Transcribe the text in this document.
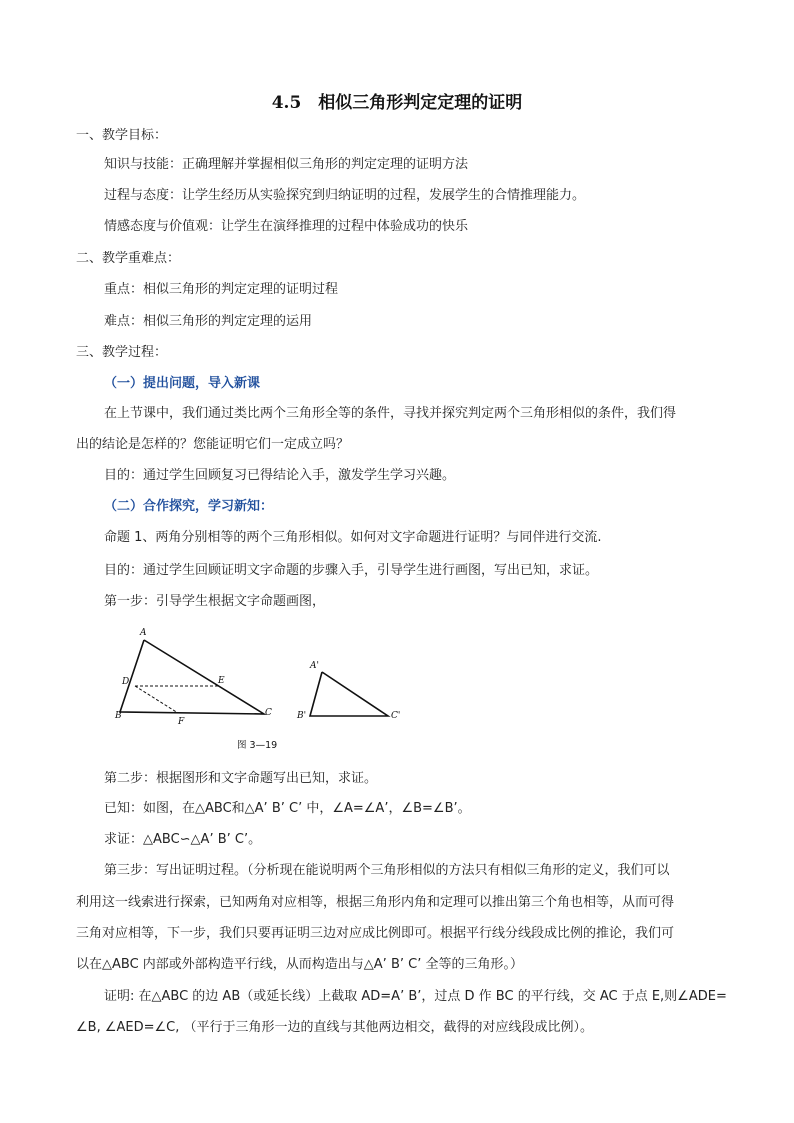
4.5　相似三角形判定定理的证明
一、教学目标：
知识与技能：正确理解并掌握相似三角形的判定定理的证明方法
过程与态度：让学生经历从实验探究到归纳证明的过程，发展学生的合情推理能力。
情感态度与价值观：让学生在演绎推理的过程中体验成功的快乐
二、教学重难点：
重点：相似三角形的判定定理的证明过程
难点：相似三角形的判定定理的运用
三、教学过程：
（一）提出问题，导入新课
在上节课中，我们通过类比两个三角形全等的条件，寻找并探究判定两个三角形相似的条件，我们得
出的结论是怎样的？您能证明它们一定成立吗？
目的：通过学生回顾复习已得结论入手，激发学生学习兴趣。
（二）合作探究，学习新知：
命题 1、两角分别相等的两个三角形相似。如何对文字命题进行证明？与同伴进行交流.
目的：通过学生回顾证明文字命题的步骤入手，引导学生进行画图，写出已知，求证。
第一步：引导学生根据文字命题画图，
A
D	E
B
F
C
A'
B'	C'
图 3—19
第二步：根据图形和文字命题写出已知，求证。
已知：如图，在△ABC和△A’ B’ C’ 中，∠A=∠A’，∠B=∠B’。
求证：△ABC∽△A’ B’ C’。
第三步：写出证明过程。（分析现在能说明两个三角形相似的方法只有相似三角形的定义，我们可以
利用这一线索进行探索，已知两角对应相等，根据三角形内角和定理可以推出第三个角也相等，从而可得
三角对应相等，下一步，我们只要再证明三边对应成比例即可。根据平行线分线段成比例的推论，我们可
以在△ABC 内部或外部构造平行线，从而构造出与△A’ B’ C’ 全等的三角形。）
证明: 在△ABC 的边 AB（或延长线）上截取 AD=A’ B’，过点 D 作 BC 的平行线，交 AC 于点 E,则∠ADE=
∠B, ∠AED=∠C, （平行于三角形一边的直线与其他两边相交，截得的对应线段成比例）。
